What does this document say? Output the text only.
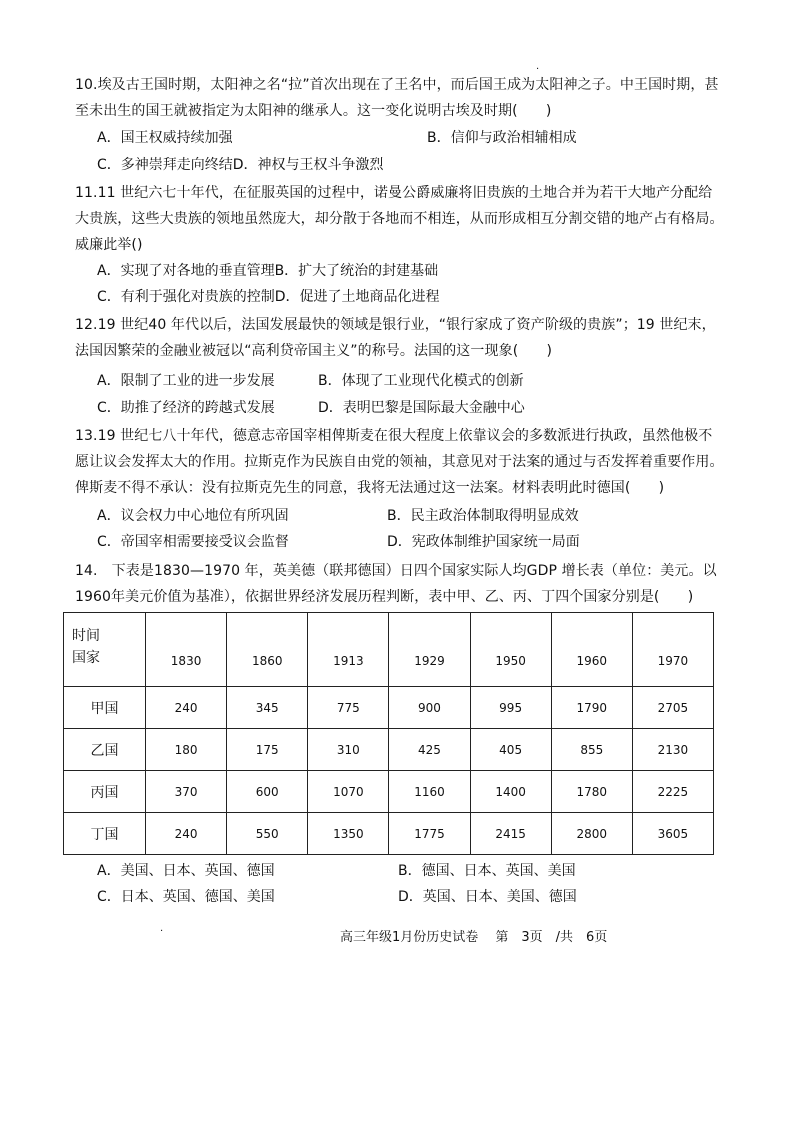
·
10.埃及古王国时期，太阳神之名“拉”首次出现在了王名中，而后国王成为太阳神之子。中王国时期，甚至未出生的国王就被指定为太阳神的继承人。这一变化说明古埃及时期(　　)
A．国王权威持续加强	B．信仰与政治相辅相成
C．多神崇拜走向终结D．神权与王权斗争激烈
11.11 世纪六七十年代，在征服英国的过程中，诺曼公爵威廉将旧贵族的土地合并为若干大地产分配给大贵族，这些大贵族的领地虽然庞大，却分散于各地而不相连，从而形成相互分割交错的地产占有格局。威廉此举()
A．实现了对各地的垂直管理B．扩大了统治的封建基础
C．有利于强化对贵族的控制D．促进了土地商品化进程
12.19 世纪40 年代以后，法国发展最快的领域是银行业，“银行家成了资产阶级的贵族”；19 世纪末，法国因繁荣的金融业被冠以“高利贷帝国主义”的称号。法国的这一现象(　　)
A．限制了工业的进一步发展	B．体现了工业现代化模式的创新
C．助推了经济的跨越式发展	D．表明巴黎是国际最大金融中心
13.19 世纪七八十年代，德意志帝国宰相俾斯麦在很大程度上依靠议会的多数派进行执政，虽然他极不愿让议会发挥太大的作用。拉斯克作为民族自由党的领袖，其意见对于法案的通过与否发挥着重要作用。俾斯麦不得不承认：没有拉斯克先生的同意，我将无法通过这一法案。材料表明此时德国(　　)
A．议会权力中心地位有所巩固	B．民主政治体制取得明显成效
C．帝国宰相需要接受议会监督	D．宪政体制维护国家统一局面
14.　下表是1830—1970 年，英美德（联邦德国）日四个国家实际人均GDP 增长表（单位：美元。以1960年美元价值为基准），依据世界经济发展历程判断，表中甲、乙、丙、丁四个国家分别是(　　)
时间
国家	1830	1860	1913	1929	1950	1960	1970
甲国	240	345	775	900	995	1790	2705
乙国	180	175	310	425	405	855	2130
丙国	370	600	1070	1160	1400	1780	2225
丁国	240	550	1350	1775	2415	2800	3605
A．美国、日本、英国、德国	B．德国、日本、英国、美国
C．日本、英国、德国、美国	D．英国、日本、美国、德国
·	高三年级1月份历史试卷　 第　3页　/共　6页
